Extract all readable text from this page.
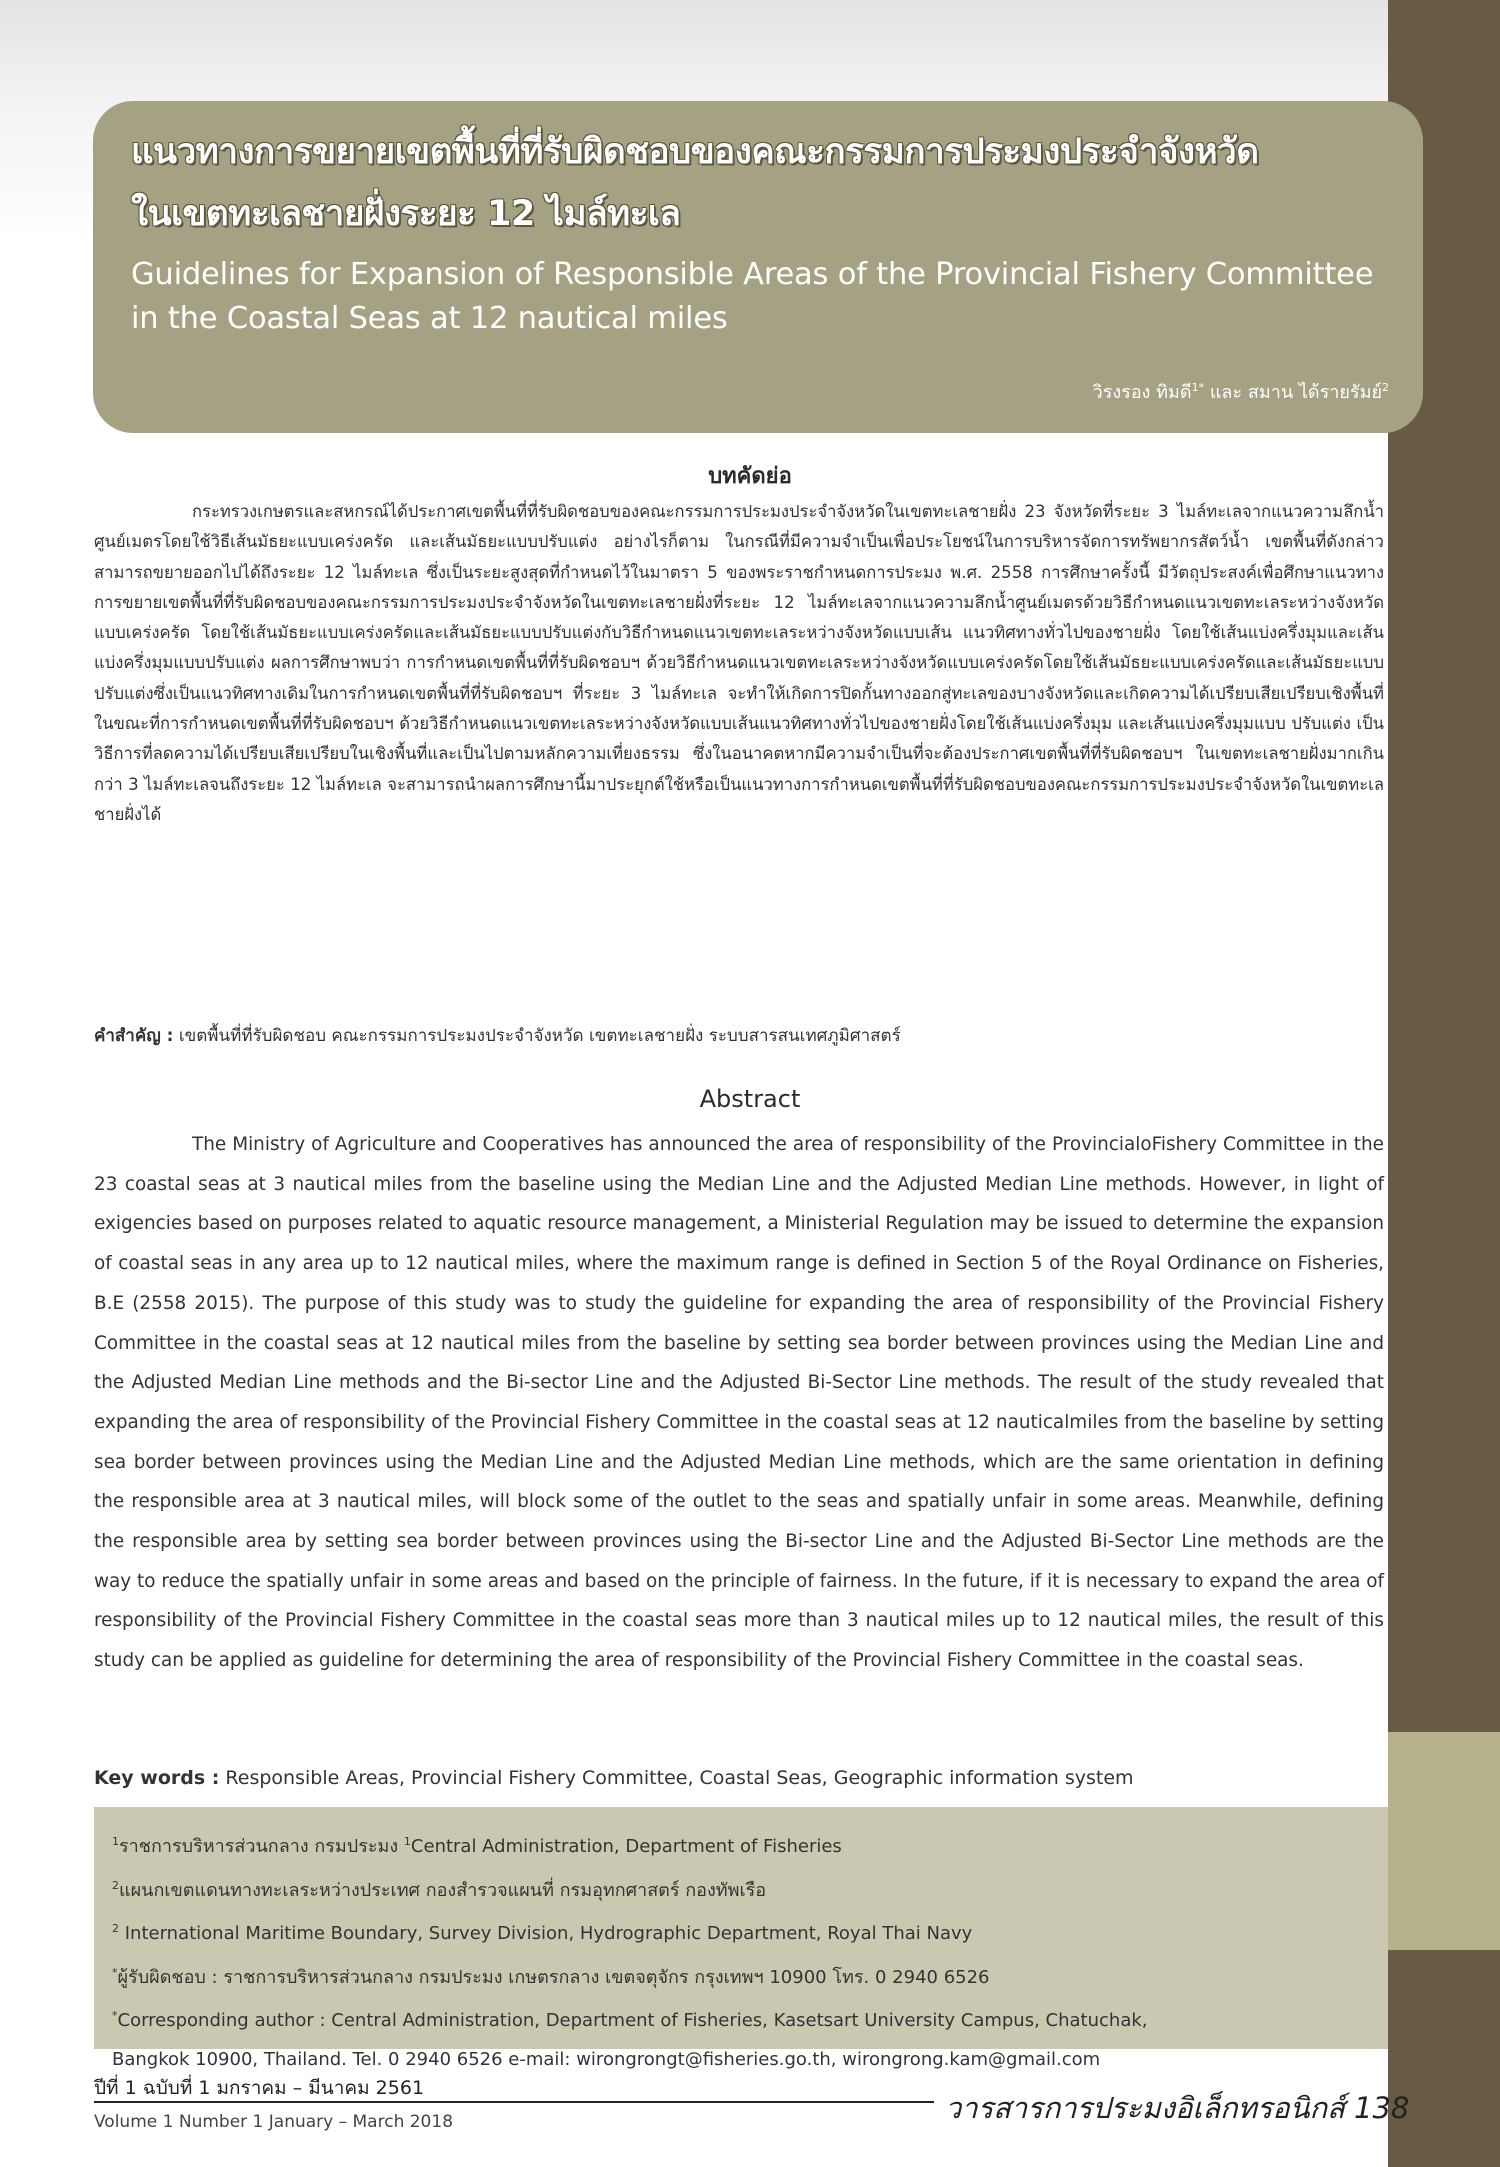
แนวทางการขยายเขตพื้นที่ที่รับผิดชอบของคณะกรรมการประมงประจำจังหวัด
ในเขตทะเลชายฝั่งระยะ 12 ไมล์ทะเล
Guidelines for Expansion of Responsible Areas of the Provincial Fishery Committee
in the Coastal Seas at 12 nautical miles
วิรงรอง ทิมดี$^{1*}$ และ สมาน ได้รายรัมย์$^2$
บทคัดย่อ
กระทรวงเกษตรและสหกรณ์ได้ประกาศเขตพื้นที่ที่รับผิดชอบของคณะกรรมการประมงประจำจังหวัดในเขตทะเลชายฝั่ง 23 จังหวัดที่ระยะ 3 ไมล์ทะเลจากแนวความลึกน้ำศูนย์เมตรโดยใช้วิธีเส้นมัธยะแบบเคร่งครัด และเส้นมัธยะแบบปรับแต่ง อย่างไรก็ตาม ในกรณีที่มีความจำเป็นเพื่อประโยชน์ในการบริหารจัดการทรัพยากรสัตว์น้ำ เขตพื้นที่ดังกล่าวสามารถขยายออกไปได้ถึงระยะ 12 ไมล์ทะเล ซึ่งเป็นระยะสูงสุดที่กำหนดไว้ในมาตรา 5 ของพระราชกำหนดการประมง พ.ศ. 2558 การศึกษาครั้งนี้ มีวัตถุประสงค์เพื่อศึกษาแนวทางการขยายเขตพื้นที่ที่รับผิดชอบของคณะกรรมการประมงประจำจังหวัดในเขตทะเลชายฝั่งที่ระยะ 12 ไมล์ทะเลจากแนวความลึกน้ำศูนย์เมตรด้วยวิธีกำหนดแนวเขตทะเลระหว่างจังหวัดแบบเคร่งครัด โดยใช้เส้นมัธยะแบบเคร่งครัดและเส้นมัธยะแบบปรับแต่งกับวิธีกำหนดแนวเขตทะเลระหว่างจังหวัดแบบเส้น แนวทิศทางทั่วไปของชายฝั่ง โดยใช้เส้นแบ่งครึ่งมุมและเส้นแบ่งครึ่งมุมแบบปรับแต่ง ผลการศึกษาพบว่า การกำหนดเขตพื้นที่ที่รับผิดชอบฯ ด้วยวิธีกำหนดแนวเขตทะเลระหว่างจังหวัดแบบเคร่งครัดโดยใช้เส้นมัธยะแบบเคร่งครัดและเส้นมัธยะแบบปรับแต่งซึ่งเป็นแนวทิศทางเดิมในการกำหนดเขตพื้นที่ที่รับผิดชอบฯ ที่ระยะ 3 ไมล์ทะเล จะทำให้เกิดการปิดกั้นทางออกสู่ทะเลของบางจังหวัดและเกิดความได้เปรียบเสียเปรียบเชิงพื้นที่ ในขณะที่การกำหนดเขตพื้นที่ที่รับผิดชอบฯ ด้วยวิธีกำหนดแนวเขตทะเลระหว่างจังหวัดแบบเส้นแนวทิศทางทั่วไปของชายฝั่งโดยใช้เส้นแบ่งครึ่งมุม และเส้นแบ่งครึ่งมุมแบบ ปรับแต่ง เป็นวิธีการที่ลดความได้เปรียบเสียเปรียบในเชิงพื้นที่และเป็นไปตามหลักความเที่ยงธรรม ซึ่งในอนาคตหากมีความจำเป็นที่จะต้องประกาศเขตพื้นที่ที่รับผิดชอบฯ ในเขตทะเลชายฝั่งมากเกินกว่า 3 ไมล์ทะเลจนถึงระยะ 12 ไมล์ทะเล จะสามารถนำผลการศึกษานี้มาประยุกต์ใช้หรือเป็นแนวทางการกำหนดเขตพื้นที่ที่รับผิดชอบของคณะกรรมการประมงประจำจังหวัดในเขตทะเลชายฝั่งได้
คำสำคัญ : เขตพื้นที่ที่รับผิดชอบ คณะกรรมการประมงประจำจังหวัด เขตทะเลชายฝั่ง ระบบสารสนเทศภูมิศาสตร์
Abstract
The Ministry of Agriculture and Cooperatives has announced the area of responsibility of the ProvincialoFishery Committee in the 23 coastal seas at 3 nautical miles from the baseline using the Median Line and the Adjusted Median Line methods. However, in light of exigencies based on purposes related to aquatic resource management, a Ministerial Regulation may be issued to determine the expansion of coastal seas in any area up to 12 nautical miles, where the maximum range is defined in Section 5 of the Royal Ordinance on Fisheries, B.E (2558 2015). The purpose of this study was to study the guideline for expanding the area of responsibility of the Provincial Fishery Committee in the coastal seas at 12 nautical miles from the baseline by setting sea border between provinces using the Median Line and the Adjusted Median Line methods and the Bi-sector Line and the Adjusted Bi-Sector Line methods. The result of the study revealed that expanding the area of responsibility of the Provincial Fishery Committee in the coastal seas at 12 nauticalmiles from the baseline by setting sea border between provinces using the Median Line and the Adjusted Median Line methods, which are the same orientation in defining the responsible area at 3 nautical miles, will block some of the outlet to the seas and spatially unfair in some areas. Meanwhile, defining the responsible area by setting sea border between provinces using the Bi-sector Line and the Adjusted Bi-Sector Line methods are the way to reduce the spatially unfair in some areas and based on the principle of fairness. In the future, if it is necessary to expand the area of responsibility of the Provincial Fishery Committee in the coastal seas more than 3 nautical miles up to 12 nautical miles, the result of this study can be applied as guideline for determining the area of responsibility of the Provincial Fishery Committee in the coastal seas.
Key words : Responsible Areas, Provincial Fishery Committee, Coastal Seas, Geographic information system
$^1$ราชการบริหารส่วนกลาง กรมประมง $^1$Central Administration, Department of Fisheries
$^2$แผนกเขตแดนทางทะเลระหว่างประเทศ กองสำรวจแผนที่ กรมอุทกศาสตร์ กองทัพเรือ
$^2$ International Maritime Boundary, Survey Division, Hydrographic Department, Royal Thai Navy
*ผู้รับผิดชอบ : ราชการบริหารส่วนกลาง กรมประมง เกษตรกลาง เขตจตุจักร กรุงเทพฯ 10900 โทร. 0 2940 6526
*Corresponding author : Central Administration, Department of Fisheries, Kasetsart University Campus, Chatuchak,
Bangkok 10900, Thailand. Tel. 0 2940 6526 e-mail: wirongrongt@fisheries.go.th, wirongrong.kam@gmail.com
ปีที่ 1 ฉบับที่ 1 มกราคม – มีนาคม 2561
Volume 1 Number 1 January – March 2018	วารสารการประมงอิเล็กทรอนิกส์ 138
